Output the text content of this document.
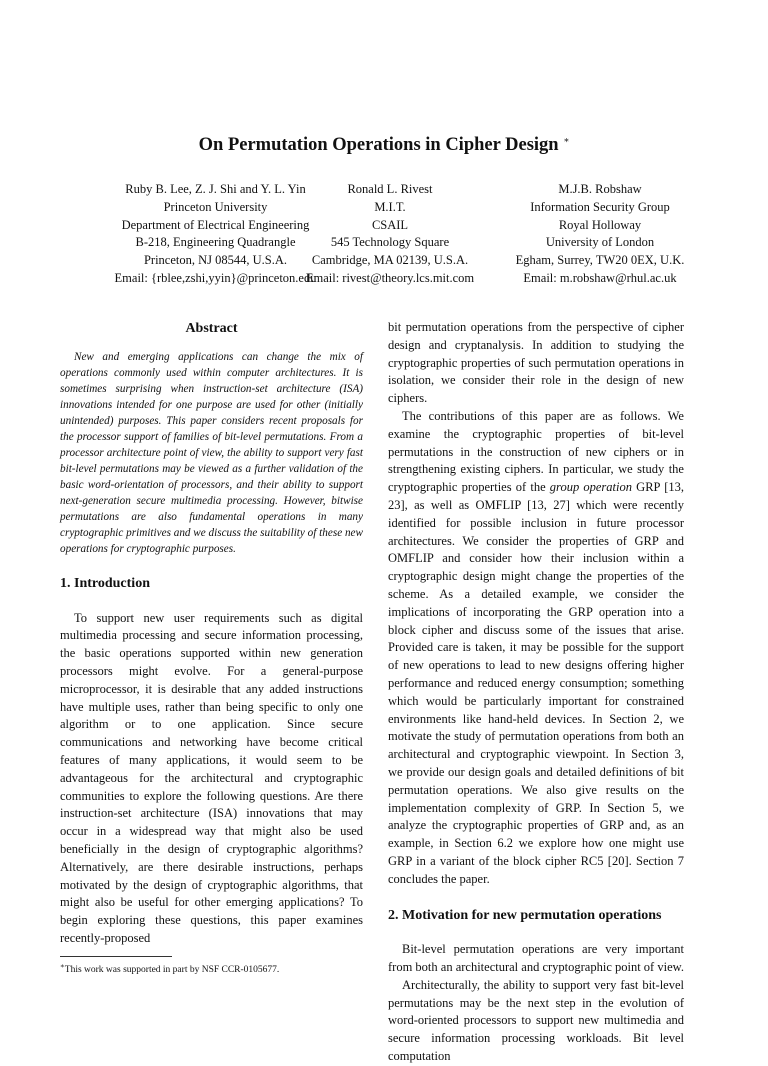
On Permutation Operations in Cipher Design ∗
Ruby B. Lee, Z. J. Shi and Y. L. Yin
Princeton University
Department of Electrical Engineering
B-218, Engineering Quadrangle
Princeton, NJ 08544, U.S.A.
Email: {rblee,zshi,yyin}@princeton.edu
Ronald L. Rivest
M.I.T.
CSAIL
545 Technology Square
Cambridge, MA 02139, U.S.A.
Email: rivest@theory.lcs.mit.com
M.J.B. Robshaw
Information Security Group
Royal Holloway
University of London
Egham, Surrey, TW20 0EX, U.K.
Email: m.robshaw@rhul.ac.uk
Abstract

New and emerging applications can change the mix of operations commonly used within computer architectures. It is sometimes surprising when instruction-set architecture (ISA) innovations intended for one purpose are used for other (initially unintended) purposes. This paper considers recent proposals for the processor support of families of bit-level permutations. From a processor architecture point of view, the ability to support very fast bit-level permutations may be viewed as a further validation of the basic word-orientation of processors, and their ability to support next-generation secure multimedia processing. However, bitwise permutations are also fundamental operations in many cryptographic primitives and we discuss the suitability of these new operations for cryptographic purposes.

1. Introduction

To support new user requirements such as digital multimedia processing and secure information processing, the basic operations supported within new generation processors might evolve. For a general-purpose microprocessor, it is desirable that any added instructions have multiple uses, rather than being specific to only one algorithm or to one application. Since secure communications and networking have become critical features of many applications, it would seem to be advantageous for the architectural and cryptographic communities to explore the following questions. Are there instruction-set architecture (ISA) innovations that may occur in a widespread way that might also be used beneficially in the design of cryptographic algorithms? Alternatively, are there desirable instructions, perhaps motivated by the design of cryptographic algorithms, that might also be useful for other emerging applications? To begin exploring these questions, this paper examines recently-proposed

∗This work was supported in part by NSF CCR-0105677.

bit permutation operations from the perspective of cipher design and cryptanalysis. In addition to studying the cryptographic properties of such permutation operations in isolation, we consider their role in the design of new ciphers.

The contributions of this paper are as follows. We examine the cryptographic properties of bit-level permutations in the construction of new ciphers or in strengthening existing ciphers. In particular, we study the cryptographic properties of the group operation GRP [13, 23], as well as OMFLIP [13, 27] which were recently identified for possible inclusion in future processor architectures. We consider the properties of GRP and OMFLIP and consider how their inclusion within a cryptographic design might change the properties of the scheme. As a detailed example, we consider the implications of incorporating the GRP operation into a block cipher and discuss some of the issues that arise. Provided care is taken, it may be possible for the support of new operations to lead to new designs offering higher performance and reduced energy consumption; something which would be particularly important for constrained environments like hand-held devices. In Section 2, we motivate the study of permutation operations from both an architectural and cryptographic viewpoint. In Section 3, we provide our design goals and detailed definitions of bit permutation operations. We also give results on the implementation complexity of GRP. In Section 5, we analyze the cryptographic properties of GRP and, as an example, in Section 6.2 we explore how one might use GRP in a variant of the block cipher RC5 [20]. Section 7 concludes the paper.

2. Motivation for new permutation operations

Bit-level permutation operations are very important from both an architectural and cryptographic point of view.

Architecturally, the ability to support very fast bit-level permutations may be the next step in the evolution of word-oriented processors to support new multimedia and secure information processing workloads. Bit level computation
